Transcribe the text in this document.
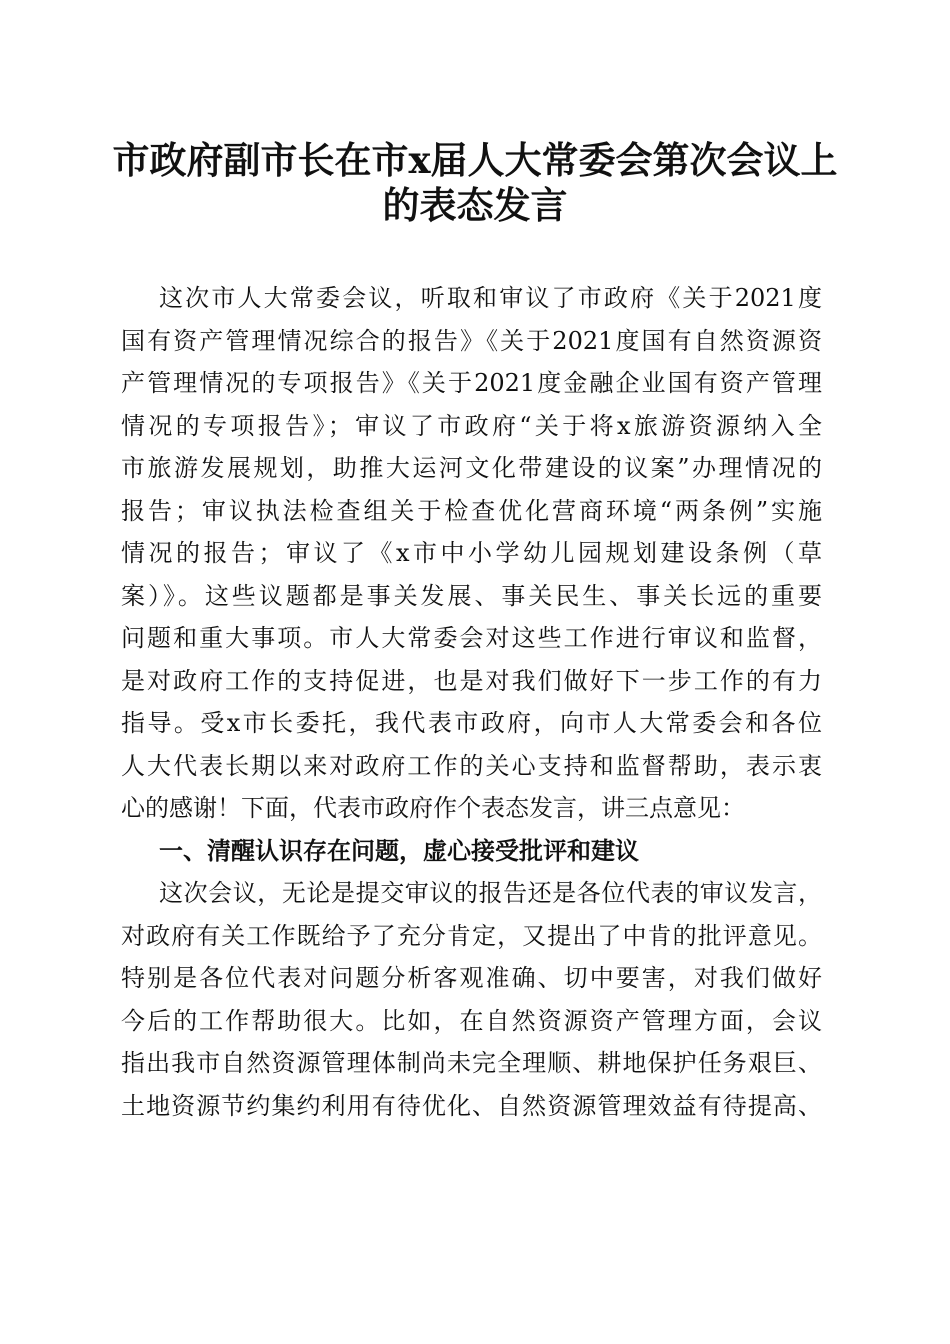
市政府副市长在市x届人大常委会第次会议上
的表态发言
这次市人大常委会议，听取和审议了市政府《关于2021度
国有资产管理情况综合的报告》《关于2021度国有自然资源资
产管理情况的专项报告》《关于2021度金融企业国有资产管理
情况的专项报告》；审议了市政府“关于将x旅游资源纳入全
市旅游发展规划，助推大运河文化带建设的议案”办理情况的
报告；审议执法检查组关于检查优化营商环境“两条例”实施
情况的报告；审议了《x市中小学幼儿园规划建设条例（草
案）》。这些议题都是事关发展、事关民生、事关长远的重要
问题和重大事项。市人大常委会对这些工作进行审议和监督，
是对政府工作的支持促进，也是对我们做好下一步工作的有力
指导。受x市长委托，我代表市政府，向市人大常委会和各位
人大代表长期以来对政府工作的关心支持和监督帮助，表示衷
心的感谢！下面，代表市政府作个表态发言，讲三点意见：
一、清醒认识存在问题，虚心接受批评和建议
这次会议，无论是提交审议的报告还是各位代表的审议发言，
对政府有关工作既给予了充分肯定，又提出了中肯的批评意见。
特别是各位代表对问题分析客观准确、切中要害，对我们做好
今后的工作帮助很大。比如，在自然资源资产管理方面，会议
指出我市自然资源管理体制尚未完全理顺、耕地保护任务艰巨、
土地资源节约集约利用有待优化、自然资源管理效益有待提高、
